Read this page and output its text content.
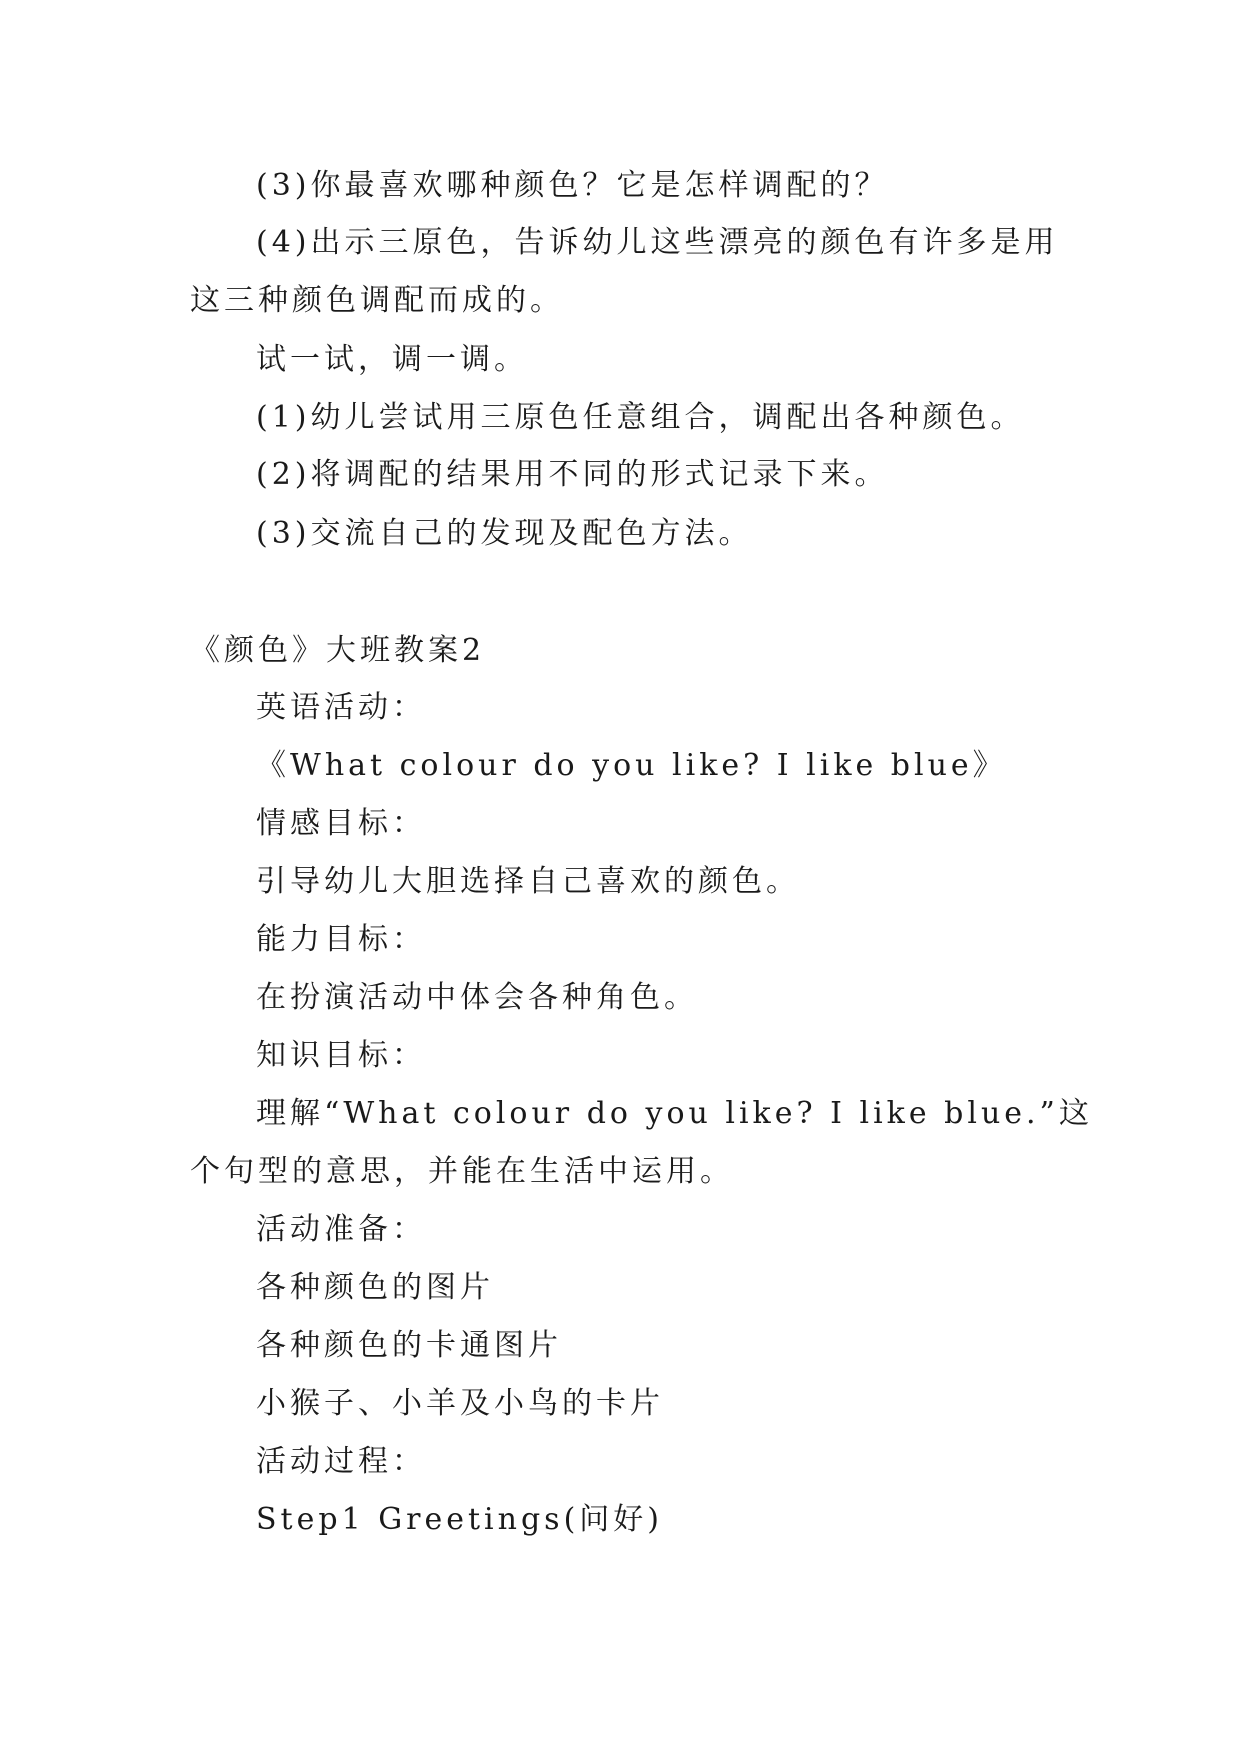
(3)你最喜欢哪种颜色？它是怎样调配的？
(4)出示三原色，告诉幼儿这些漂亮的颜色有许多是用
这三种颜色调配而成的。
试一试，调一调。
(1)幼儿尝试用三原色任意组合，调配出各种颜色。
(2)将调配的结果用不同的形式记录下来。
(3)交流自己的发现及配色方法。
《颜色》大班教案2
英语活动：
《What colour do you like? I like blue》
情感目标：
引导幼儿大胆选择自己喜欢的颜色。
能力目标：
在扮演活动中体会各种角色。
知识目标：
理解“What colour do you like? I like blue.”这
个句型的意思，并能在生活中运用。
活动准备：
各种颜色的图片
各种颜色的卡通图片
小猴子、小羊及小鸟的卡片
活动过程：
Step1 Greetings(问好)
